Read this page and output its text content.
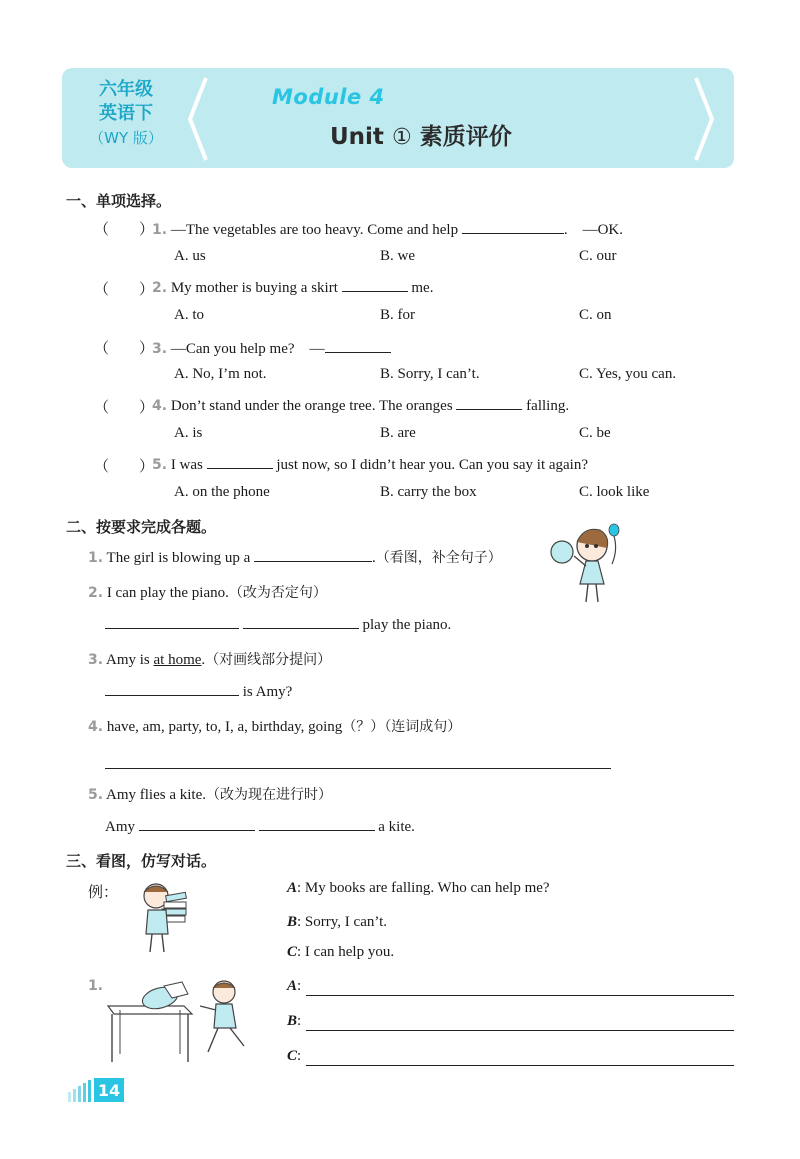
六年级
英语下
（WY 版）
Module 4
Unit ① 素质评价
一、单项选择。
（　　）
1. —The vegetables are too heavy. Come and help	.　—OK.
A. us	B. we	C. our
（　　）
2. My mother is buying a skirt	me.
A. to	B. for	C. on
（　　）
3. —Can you help me?　—
A. No, I’m not.	B. Sorry, I can’t.	C. Yes, you can.
（　　）
4. Don’t stand under the orange tree. The oranges	falling.
A. is	B. are	C. be
（　　）
5. I was	just now, so I didn’t hear you. Can you say it again?
A. on the phone	B. carry the box	C. look like
二、按要求完成各题。
1. The girl is blowing up a	.（看图，补全句子）
2. I can play the piano.（改为否定句）
play the piano.
3. Amy is at home.（对画线部分提问）
is Amy?
4. have, am, party, to, I, a, birthday, going（？）（连词成句）
5. Amy flies a kite.（改为现在进行时）
Amy	a kite.
三、看图，仿写对话。
例：	A: My books are falling. Who can help me?
B: Sorry, I can’t.
C: I can help you.
1.	A:
B:
C:
14
